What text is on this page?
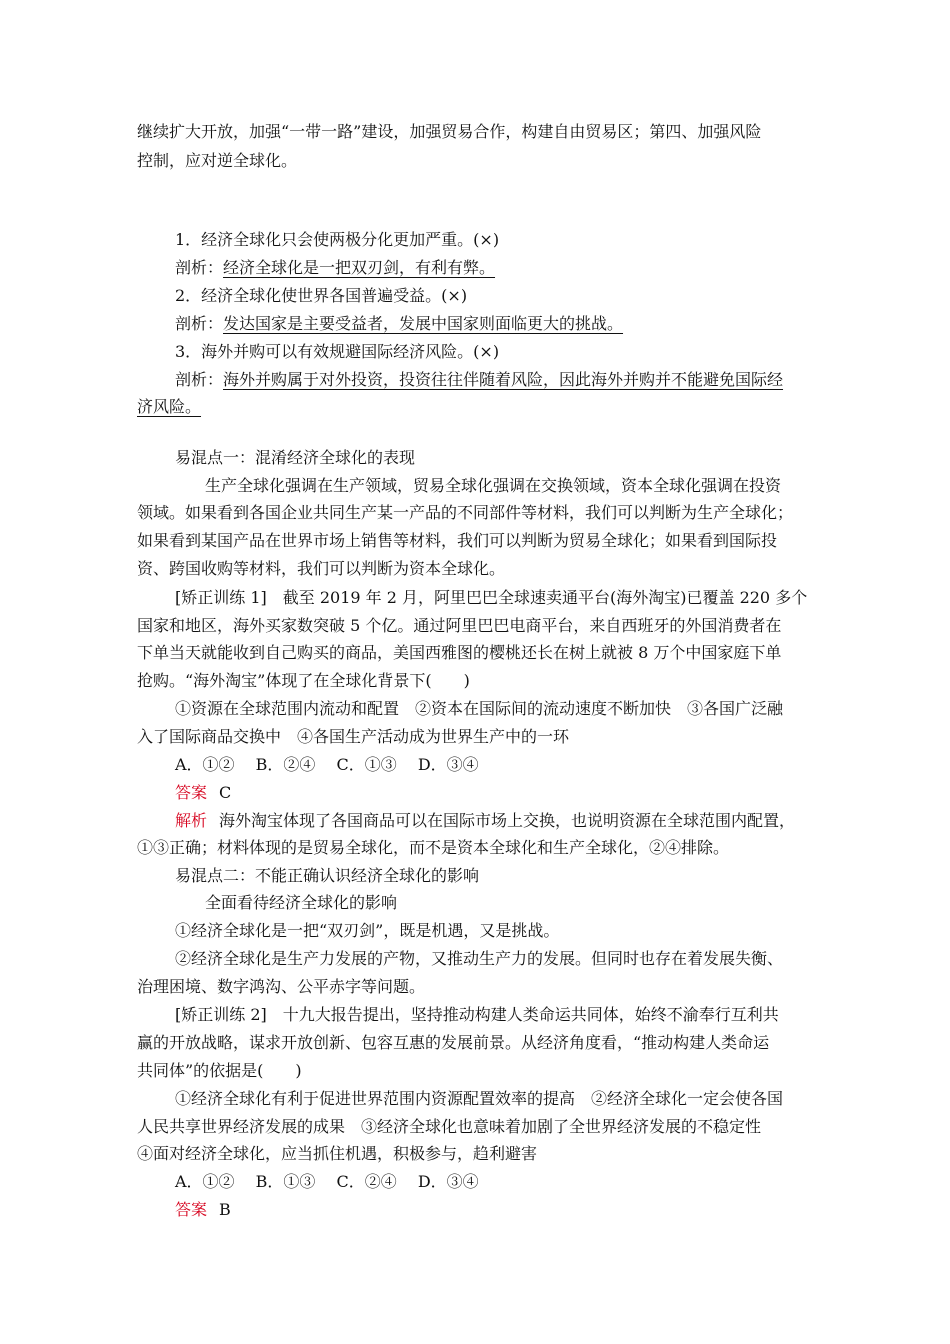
继续扩大开放，加强“一带一路”建设，加强贸易合作，构建自由贸易区；第四、加强风险
控制，应对逆全球化。
1．经济全球化只会使两极分化更加严重。(×)
剖析：经济全球化是一把双刃剑，有利有弊。
2．经济全球化使世界各国普遍受益。(×)
剖析：发达国家是主要受益者，发展中国家则面临更大的挑战。
3．海外并购可以有效规避国际经济风险。(×)
剖析：海外并购属于对外投资，投资往往伴随着风险，因此海外并购并不能避免国际经
济风险。
易混点一：混淆经济全球化的表现
生产全球化强调在生产领域，贸易全球化强调在交换领域，资本全球化强调在投资
领域。如果看到各国企业共同生产某一产品的不同部件等材料，我们可以判断为生产全球化；
如果看到某国产品在世界市场上销售等材料，我们可以判断为贸易全球化；如果看到国际投
资、跨国收购等材料，我们可以判断为资本全球化。
[矫正训练 1]　截至 2019 年 2 月，阿里巴巴全球速卖通平台(海外淘宝)已覆盖 220 多个
国家和地区，海外买家数突破 5 个亿。通过阿里巴巴电商平台，来自西班牙的外国消费者在
下单当天就能收到自己购买的商品，美国西雅图的樱桃还长在树上就被 8 万个中国家庭下单
抢购。“海外淘宝”体现了在全球化背景下(　　)
①资源在全球范围内流动和配置　②资本在国际间的流动速度不断加快　③各国广泛融
入了国际商品交换中　④各国生产活动成为世界生产中的一环
A．①②　 B．②④　 C．①③　 D．③④
答案 C
解析 海外淘宝体现了各国商品可以在国际市场上交换，也说明资源在全球范围内配置，
①③正确；材料体现的是贸易全球化，而不是资本全球化和生产全球化，②④排除。
易混点二：不能正确认识经济全球化的影响
全面看待经济全球化的影响
①经济全球化是一把“双刃剑”，既是机遇，又是挑战。
②经济全球化是生产力发展的产物，又推动生产力的发展。但同时也存在着发展失衡、
治理困境、数字鸿沟、公平赤字等问题。
[矫正训练 2]　十九大报告提出，坚持推动构建人类命运共同体，始终不渝奉行互利共
赢的开放战略，谋求开放创新、包容互惠的发展前景。从经济角度看，“推动构建人类命运
共同体”的依据是(　　)
①经济全球化有利于促进世界范围内资源配置效率的提高　②经济全球化一定会使各国
人民共享世界经济发展的成果　③经济全球化也意味着加剧了全世界经济发展的不稳定性
④面对经济全球化，应当抓住机遇，积极参与，趋利避害
A．①②　 B．①③　 C．②④　 D．③④
答案 B
